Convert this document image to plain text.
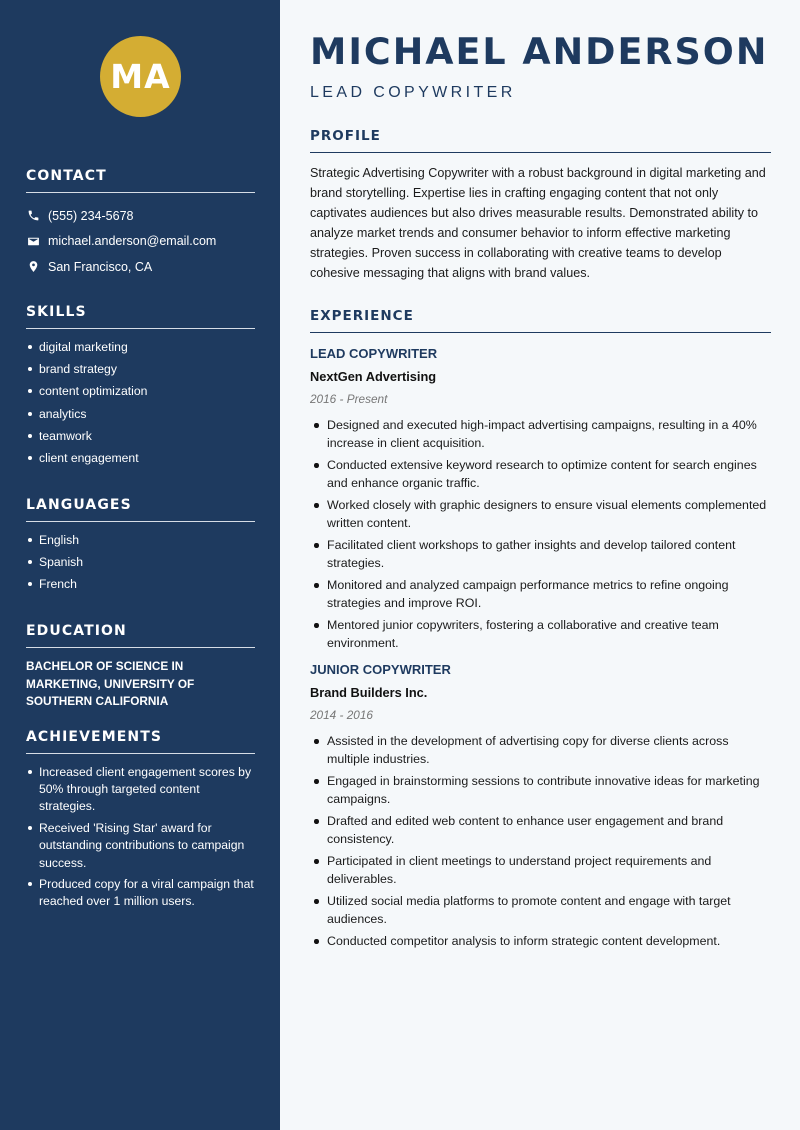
MA
CONTACT
(555) 234-5678
michael.anderson@email.com
San Francisco, CA
SKILLS
digital marketing
brand strategy
content optimization
analytics
teamwork
client engagement
LANGUAGES
English
Spanish
French
EDUCATION

BACHELOR OF SCIENCE IN MARKETING, UNIVERSITY OF SOUTHERN CALIFORNIA

ACHIEVEMENTS
Increased client engagement scores by 50% through targeted content strategies.
Received 'Rising Star' award for outstanding contributions to campaign success.
Produced copy for a viral campaign that reached over 1 million users.
MICHAEL ANDERSON
LEAD COPYWRITER
PROFILE

Strategic Advertising Copywriter with a robust background in digital marketing and brand storytelling. Expertise lies in crafting engaging content that not only captivates audiences but also drives measurable results. Demonstrated ability to analyze market trends and consumer behavior to inform effective marketing strategies. Proven success in collaborating with creative teams to develop cohesive messaging that aligns with brand values.

EXPERIENCE
LEAD COPYWRITER
NextGen Advertising
2016 - Present
Designed and executed high-impact advertising campaigns, resulting in a 40% increase in client acquisition.
Conducted extensive keyword research to optimize content for search engines and enhance organic traffic.
Worked closely with graphic designers to ensure visual elements complemented written content.
Facilitated client workshops to gather insights and develop tailored content strategies.
Monitored and analyzed campaign performance metrics to refine ongoing strategies and improve ROI.
Mentored junior copywriters, fostering a collaborative and creative team environment.
JUNIOR COPYWRITER
Brand Builders Inc.
2014 - 2016
Assisted in the development of advertising copy for diverse clients across multiple industries.
Engaged in brainstorming sessions to contribute innovative ideas for marketing campaigns.
Drafted and edited web content to enhance user engagement and brand consistency.
Participated in client meetings to understand project requirements and deliverables.
Utilized social media platforms to promote content and engage with target audiences.
Conducted competitor analysis to inform strategic content development.
